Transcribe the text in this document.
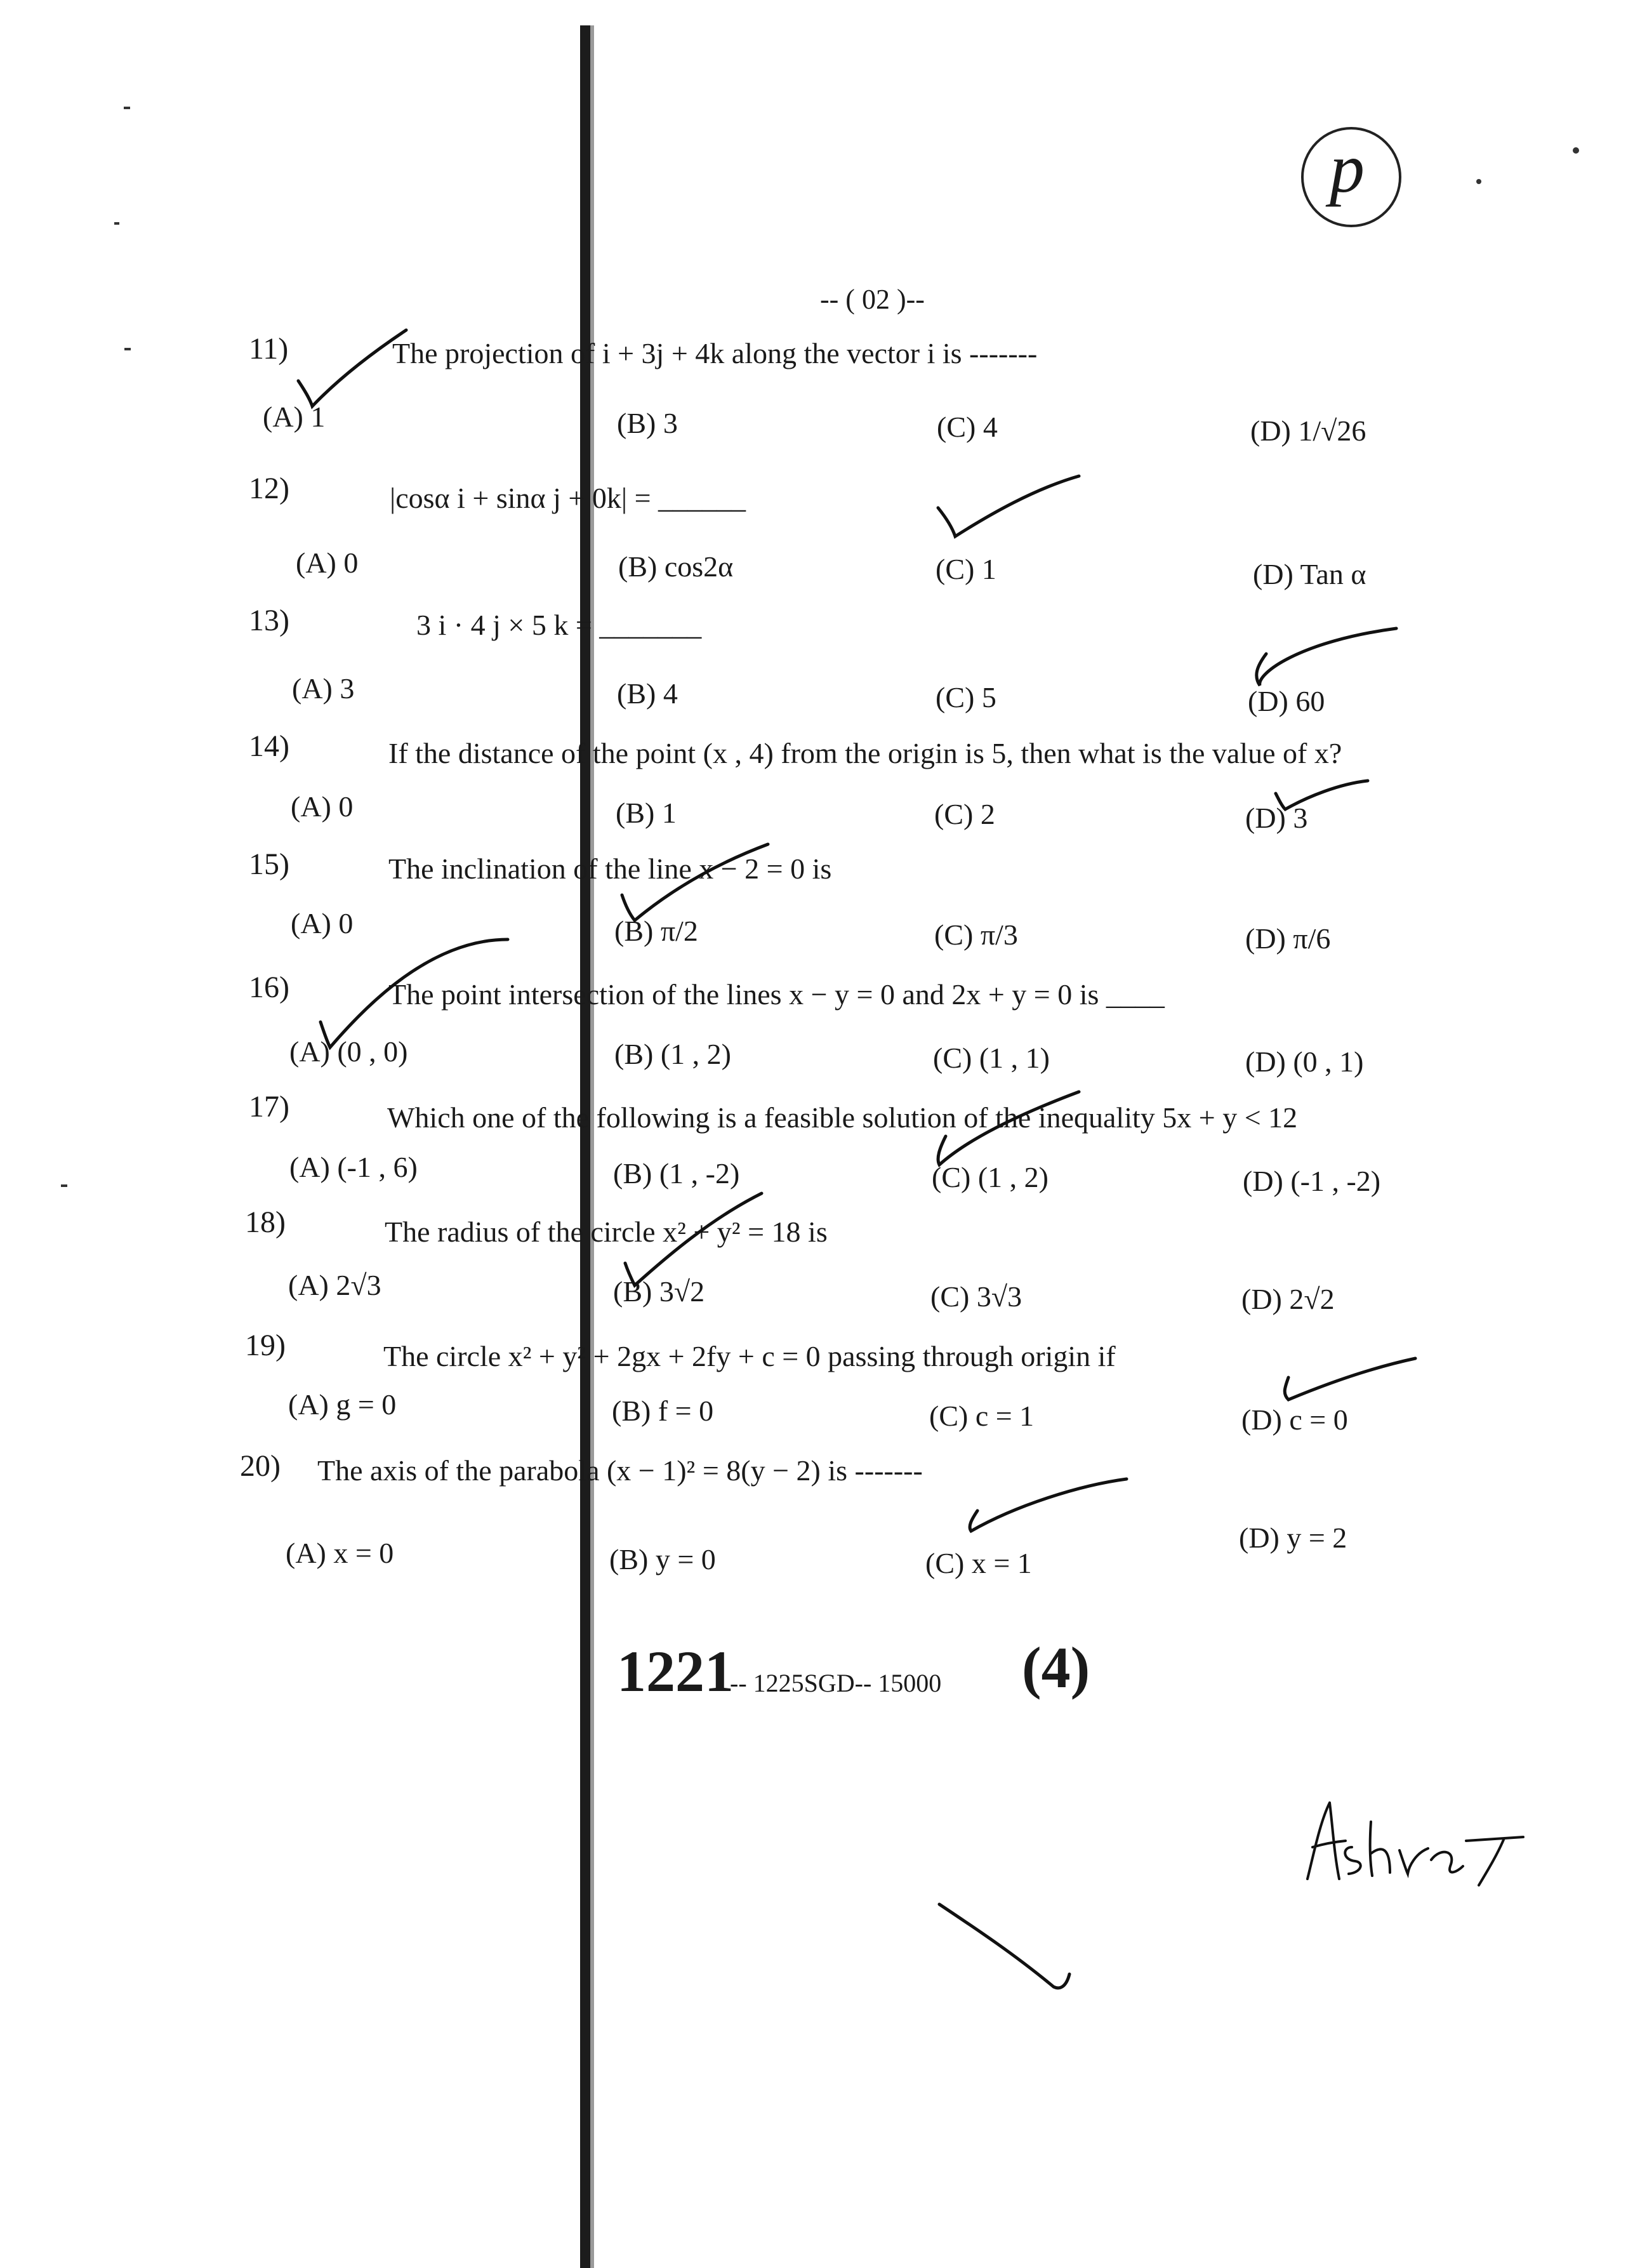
-- ( 02 )--
p
11)	The projection of i + 3j + 4k along the vector i is -------
(A) 1	(B) 3	(C) 4	(D) 1/√26
12)	|cosα i + sinα j + 0k| = ______
(A) 0	(B) cos2α	(C) 1	(D) Tan α
13)	3 i · 4 j × 5 k = _______
(A) 3	(B) 4	(C) 5	(D) 60
14)	If the distance of the point (x , 4) from the origin is 5, then what is the value of x?
(A) 0	(B) 1	(C) 2	(D) 3
15)	The inclination of the line x − 2 = 0 is
(A) 0	(B) π/2	(C) π/3	(D) π/6
16)	The point intersection of the lines x − y = 0 and 2x + y = 0 is ____
(A) (0 , 0)	(B) (1 , 2)	(C) (1 , 1)	(D) (0 , 1)
17)	Which one of the following is a feasible solution of the inequality 5x + y < 12
(A) (-1 , 6)	(B) (1 , -2)	(C) (1 , 2)	(D) (-1 , -2)
18)	The radius of the circle x² + y² = 18 is
(A) 2√3	(B) 3√2	(C) 3√3	(D) 2√2
19)	The circle x² + y² + 2gx + 2fy + c = 0 passing through origin if
(A) g = 0	(B) f = 0	(C) c = 1	(D) c = 0
20) The axis of the parabola (x − 1)² = 8(y − 2) is -------
(A) x = 0	(B) y = 0	(C) x = 1
(D) y = 2
1221
-- 1225SGD-- 15000 (4)
